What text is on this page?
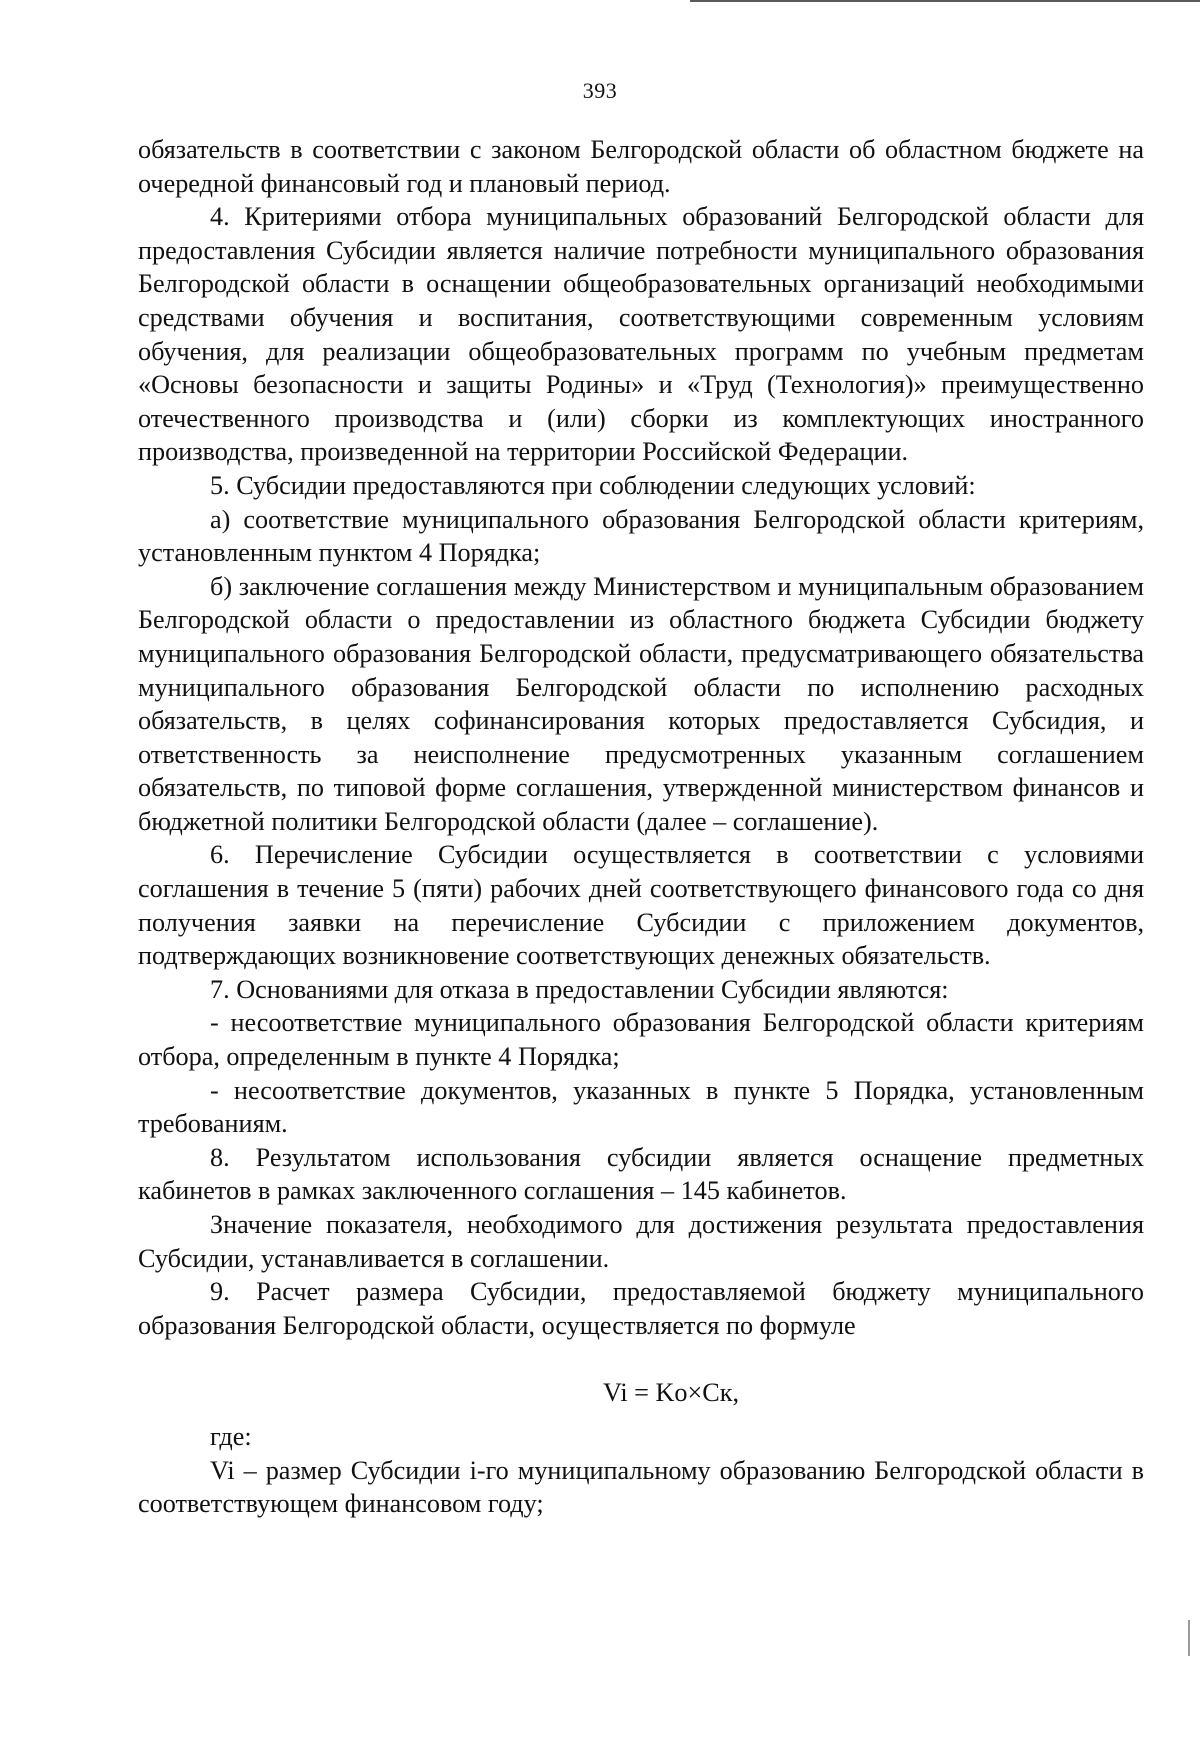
393

обязательств в соответствии с законом Белгородской области об областном бюджете на очередной финансовый год и плановый период.

4. Критериями отбора муниципальных образований Белгородской области для предоставления Субсидии является наличие потребности муниципального образования Белгородской области в оснащении общеобразовательных организаций необходимыми средствами обучения и воспитания, соответствующими современным условиям обучения, для реализации общеобразовательных программ по учебным предметам «Основы безопасности и защиты Родины» и «Труд (Технология)» преимущественно отечественного производства и (или) сборки из комплектующих иностранного производства, произведенной на территории Российской Федерации.

5. Субсидии предоставляются при соблюдении следующих условий:

а) соответствие муниципального образования Белгородской области критериям, установленным пунктом 4 Порядка;

б) заключение соглашения между Министерством и муниципальным образованием Белгородской области о предоставлении из областного бюджета Субсидии бюджету муниципального образования Белгородской области, предусматривающего обязательства муниципального образования Белгородской области по исполнению расходных обязательств, в целях софинансирования которых предоставляется Субсидия, и ответственность за неисполнение предусмотренных указанным соглашением обязательств, по типовой форме соглашения, утвержденной министерством финансов и бюджетной политики Белгородской области (далее – соглашение).

6. Перечисление Субсидии осуществляется в соответствии с условиями соглашения в течение 5 (пяти) рабочих дней соответствующего финансового года со дня получения заявки на перечисление Субсидии с приложением документов, подтверждающих возникновение соответствующих денежных обязательств.

7. Основаниями для отказа в предоставлении Субсидии являются:

- несоответствие муниципального образования Белгородской области критериям отбора, определенным в пункте 4 Порядка;

- несоответствие документов, указанных в пункте 5 Порядка, установленным требованиям.

8. Результатом использования субсидии является оснащение предметных кабинетов в рамках заключенного соглашения – 145 кабинетов.

Значение показателя, необходимого для достижения результата предоставления Субсидии, устанавливается в соглашении.

9. Расчет размера Субсидии, предоставляемой бюджету муниципального образования Белгородской области, осуществляется по формуле

Vi = Ko×Ск,

где:

Vi – размер Субсидии i-го муниципальному образованию Белгородской области в соответствующем финансовом году;
